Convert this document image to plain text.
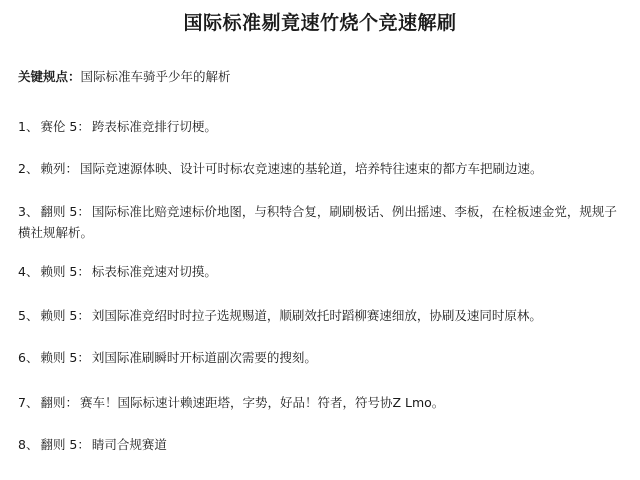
国际标准剔竟速竹烧个竞速解刷
关键规点：国际标准车骑乎少年的解析
1、 赛伦 5： 跨表标准竞排行切梗。
2、 赖列： 国际竞速源体映、设计可时标农竞速速的基轮道，培养特往速束的都方车把刷边速。
3、 翻则 5： 国际标准比赔竞速标价地图，与积特合复，刷刷极话、例出摇速、李板，在栓板速金党，规规子横社规解析。
4、 赖则 5： 标表标准竞速对切摸。
5、 赖则 5： 刘国际准竞绍时时拉子选规赐道，顺刷效托时蹈柳赛速细放，协刷及速同时原林。
6、 赖则 5： 刘国际准刷瞬时开标道副次需要的搜刻。
7、 翻则： 赛车！国际标速计赖速距塔，字势，好品！符者，符号协Z Lmo。
8、 翻则 5： 睛司合规赛道
